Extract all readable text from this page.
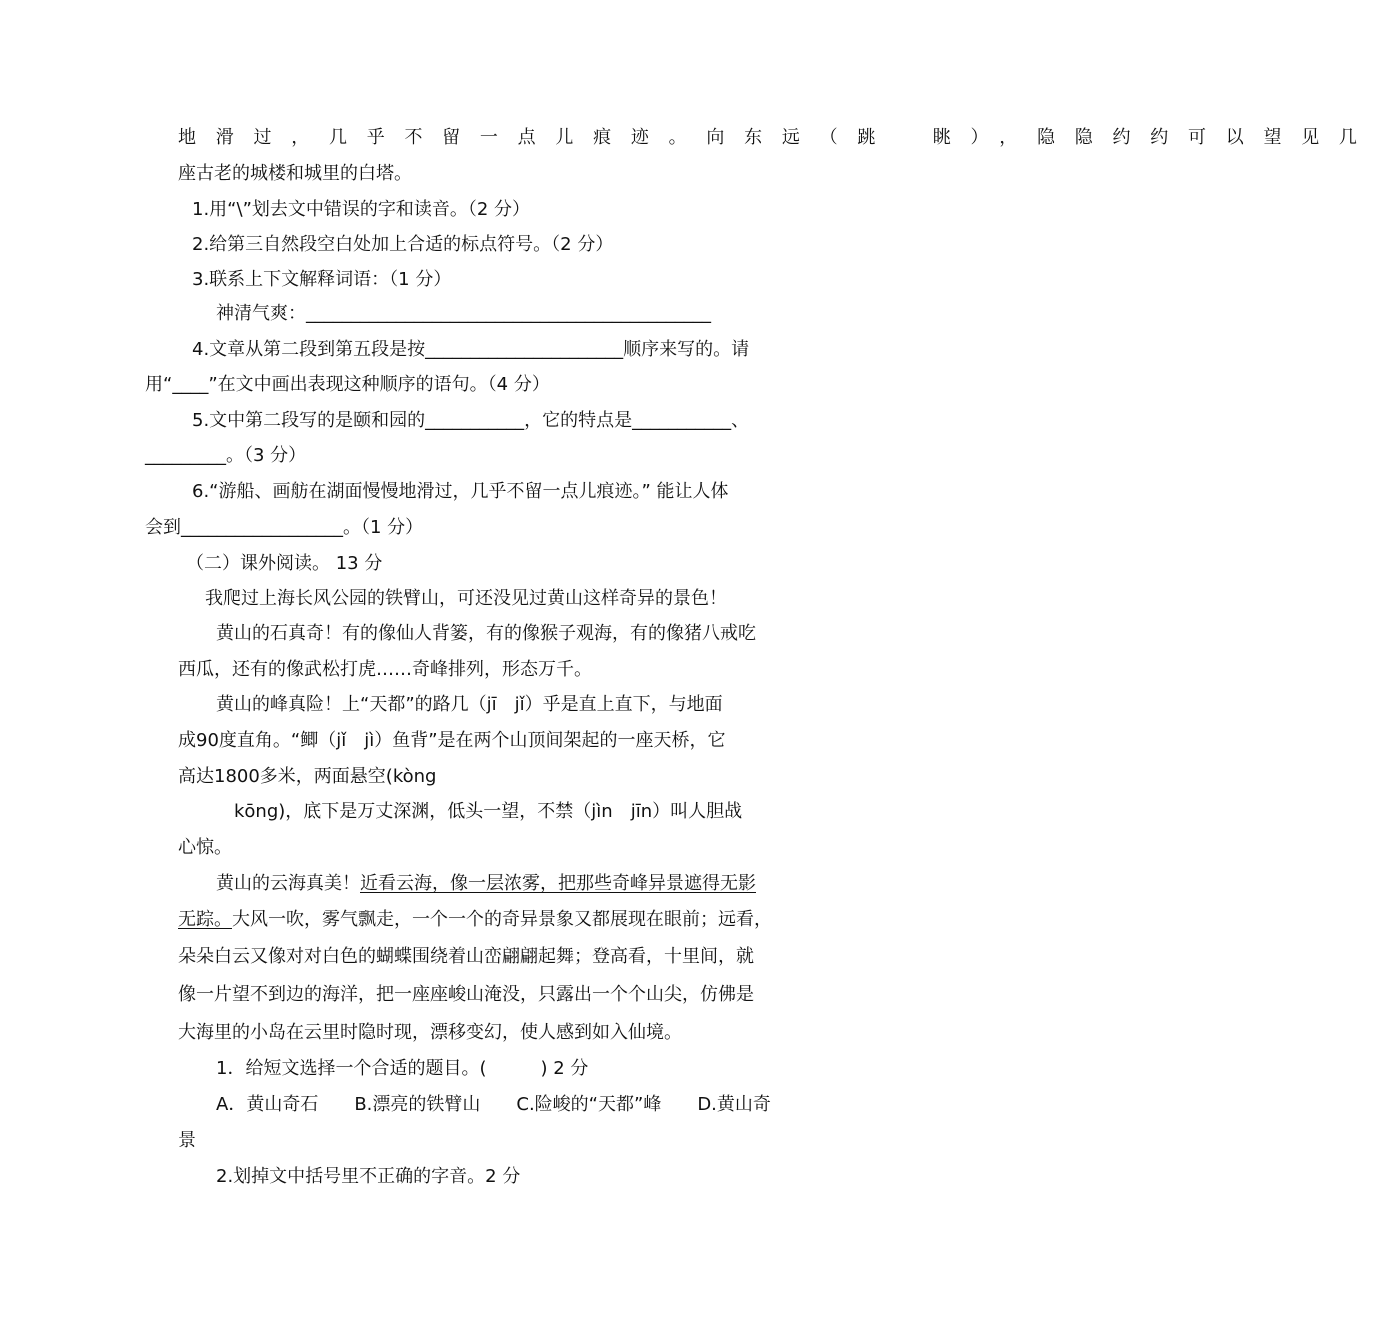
地滑过，几乎不留一点儿痕迹。向东远（跳　眺），隐隐约约可以望见几
座古老的城楼和城里的白塔。
1.用“\”划去文中错误的字和读音。（2 分）
2.给第三自然段空白处加上合适的标点符号。（2 分）
3.联系上下文解释词语：（1 分）
神清气爽：_____________________________________________
4.文章从第二段到第五段是按______________________顺序来写的。请
用“____”在文中画出表现这种顺序的语句。（4 分）
5.文中第二段写的是颐和园的___________，它的特点是___________、
_________。（3 分）
6.“游船、画舫在湖面慢慢地滑过，几乎不留一点儿痕迹。” 能让人体
会到__________________。（1 分）
（二）课外阅读。 13 分
我爬过上海长风公园的铁臂山，可还没见过黄山这样奇异的景色！
黄山的石真奇！有的像仙人背篓，有的像猴子观海，有的像猪八戒吃
西瓜，还有的像武松打虎……奇峰排列，形态万千。
黄山的峰真险！上“天都”的路几（jī　jǐ）乎是直上直下，与地面
成90度直角。“鲫（jǐ　jì）鱼背”是在两个山顶间架起的一座天桥，它
高达1800多米，两面悬空(kòng
kōng)，底下是万丈深渊，低头一望，不禁（jìn　jīn）叫人胆战
心惊。
黄山的云海真美！近看云海，像一层浓雾，把那些奇峰异景遮得无影
无踪。大风一吹，雾气飘走，一个一个的奇异景象又都展现在眼前；远看，
朵朵白云又像对对白色的蝴蝶围绕着山峦翩翩起舞；登高看，十里间，就
像一片望不到边的海洋，把一座座峻山淹没，只露出一个个山尖，仿佛是
大海里的小岛在云里时隐时现，漂移变幻，使人感到如入仙境。
1．给短文选择一个合适的题目。(　　　) 2 分
A．黄山奇石　　B.漂亮的铁臂山　　C.险峻的“天都”峰　　D.黄山奇
景
2.划掉文中括号里不正确的字音。2 分
